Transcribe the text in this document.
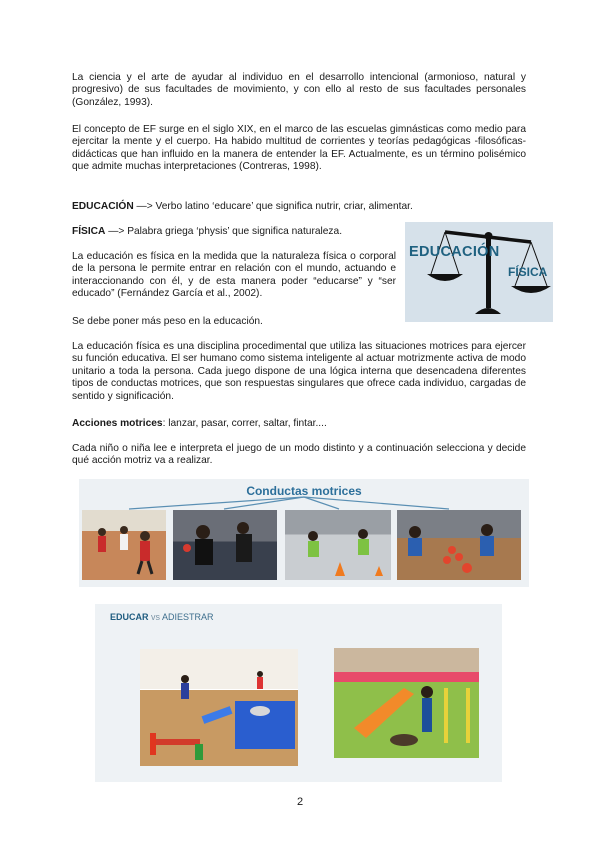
La ciencia y el arte de ayudar al individuo en el desarrollo intencional (armonioso, natural y progresivo) de sus facultades de movimiento, y con ello al resto de sus facultades personales (González, 1993).

El concepto de EF surge en el siglo XIX, en el marco de las escuelas gimnásticas como medio para ejercitar la mente y el cuerpo. Ha habido multitud de corrientes y teorías pedagógicas -filosóficas- didácticas que han influido en la manera de entender la EF. Actualmente, es un término polisémico que admite muchas interpretaciones (Contreras, 1998).

EDUCACIÓN —> Verbo latino ‘educare’ que significa nutrir, criar, alimentar.

FÍSICA —> Palabra griega ‘physis’ que significa naturaleza.

La educación es física en la medida que la naturaleza física o corporal de la persona le permite entrar en relación con el mundo, actuando e interaccionando con él, y de esta manera poder “educarse” y “ser educado” (Fernández García et al., 2002).

EDUCACIÓN
FÍSICA

Se debe poner más peso en la educación.

La educación física es una disciplina procedimental que utiliza las situaciones motrices para ejercer su función educativa. El ser humano como sistema inteligente al actuar motrizmente activa de modo unitario a toda la persona. Cada juego dispone de una lógica interna que desencadena diferentes tipos de conductas motrices, que son respuestas singulares que ofrece cada individuo, cargadas de sentido y significación.

Acciones motrices: lanzar, pasar, correr, saltar, fintar....

Cada niño o niña lee e interpreta el juego de un modo distinto y a continuación selecciona y decide qué acción motriz va a realizar.

Conductas motrices
EDUCAR vs ADIESTRAR
2
